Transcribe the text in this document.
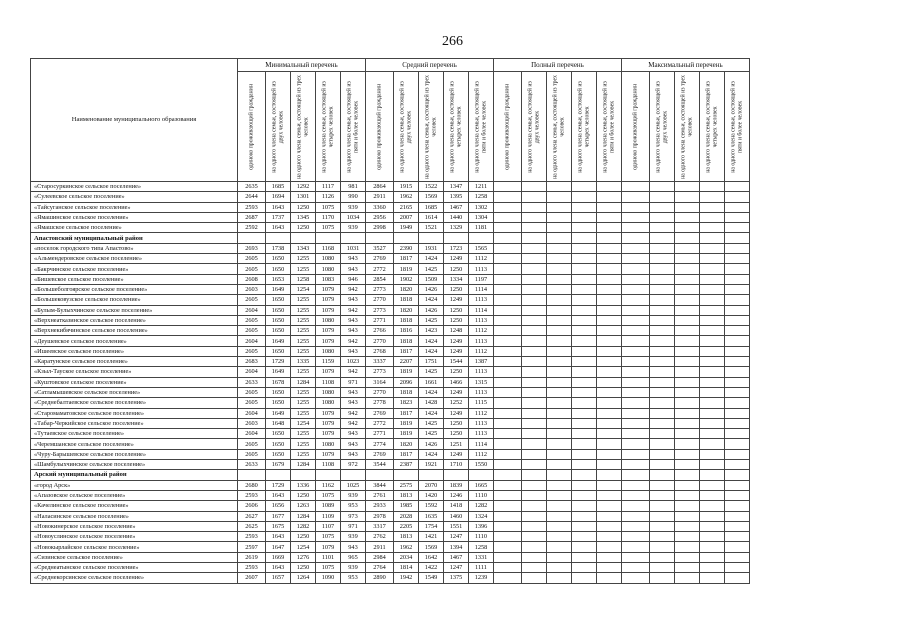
266
Наименование муниципального образования	Минимальный перечень					Средний перечень					Полный перечень					Максимальный перечень				

	одиноко проживающий гражданин	на одного члена семьи, состоящей из двух человек	на одного члена семьи, состоящей из трех человек	на одного члена семьи, состоящей из четырех человек	на одного члена семьи, состоящей из пяти и более человек	одиноко проживающий гражданин	на одного члена семьи, состоящей из двух человек	на одного члена семьи, состоящей из трех человек	на одного члена семьи, состоящей из четырех человек	на одного члена семьи, состоящей из пяти и более человек	одиноко проживающий гражданин	на одного члена семьи, состоящей из двух человек	на одного члена семьи, состоящей из трех человек	на одного члена семьи, состоящей из четырех человек	на одного члена семьи, состоящей из пяти и более человек	одиноко проживающий гражданин	на одного члена семьи, состоящей из двух человек	на одного члена семьи, состоящей из трех человек	на одного члена семьи, состоящей из четырех человек	на одного члена семьи, состоящей из пяти и более человек

«Старосуркинское сельское поселение»	2635	1685	1292	1117	981	2864	1915	1522	1347	1211										
«Сулеевское сельское поселение»	2644	1694	1301	1126	990	2911	1962	1569	1395	1258										
«Тайсуганское сельское поселение»	2593	1643	1250	1075	939	3360	2165	1685	1467	1302										
«Ямашинское сельское поселение»	2687	1737	1345	1170	1034	2956	2007	1614	1440	1304										
«Ямашское сельское поселение»	2592	1643	1250	1075	939	2998	1949	1521	1329	1181										
Апастовский муниципальный район																				
«поселок городского типа Апастово»	2693	1738	1343	1168	1031	3527	2390	1931	1723	1565										
«Альмендеровское сельское поселение»	2605	1650	1255	1080	943	2769	1817	1424	1249	1112										
«Бакрчинское сельское поселение»	2605	1650	1255	1080	943	2772	1819	1425	1250	1113										
«Бишевское сельское поселение»	2608	1653	1258	1083	946	2854	1902	1509	1334	1197										
«Большеболгоярское сельское поселение»	2603	1649	1254	1079	942	2773	1820	1426	1250	1114										
«Большековузское сельское поселение»	2605	1650	1255	1079	943	2770	1818	1424	1249	1113										
«Булым-Булыхчинское сельское поселение»	2604	1650	1255	1079	942	2773	1820	1426	1250	1114										
«Верхнеатказинское сельское поселение»	2605	1650	1255	1080	943	2771	1818	1425	1250	1113										
«Верхнекибячинское сельское поселение»	2605	1650	1255	1079	943	2766	1816	1423	1248	1112										
«Деушевское сельское поселение»	2604	1649	1255	1079	942	2770	1818	1424	1249	1113										
«Ишеевское сельское поселение»	2605	1650	1255	1080	943	2768	1817	1424	1249	1112										
«Каратунское сельское поселение»	2683	1729	1335	1159	1023	3337	2207	1751	1544	1387										
«Кзыл-Тауское сельское поселение»	2604	1649	1255	1079	942	2773	1819	1425	1250	1113										
«Куштовское сельское поселение»	2633	1678	1284	1108	971	3164	2096	1661	1466	1315										
«Сатламышевское сельское поселение»	2605	1650	1255	1080	943	2770	1818	1424	1249	1113										
«Среднебалтаевское сельское поселение»	2605	1650	1255	1080	943	2778	1823	1428	1252	1115										
«Старомаматовское сельское поселение»	2604	1649	1255	1079	942	2769	1817	1424	1249	1112										
«Табар-Черкийское сельское поселение»	2603	1648	1254	1079	942	2772	1819	1425	1250	1113										
«Тутаевское сельское поселение»	2604	1650	1255	1079	943	2771	1819	1425	1250	1113										
«Черемшанское сельское поселение»	2605	1650	1255	1080	943	2774	1820	1426	1251	1114										
«Чуру-Барышевское сельское поселение»	2605	1650	1255	1079	943	2769	1817	1424	1249	1112										
«Шамбулыхчинское сельское поселение»	2633	1679	1284	1108	972	3544	2387	1921	1710	1550										
Арский муниципальный район																				
«город Арск»	2680	1729	1336	1162	1025	3844	2575	2070	1839	1665										
«Апазовское сельское поселение»	2593	1643	1250	1075	939	2761	1813	1420	1246	1110										
«Качелинское сельское поселение»	2606	1656	1263	1089	953	2933	1985	1592	1418	1282										
«Наласинское сельское поселение»	2627	1677	1284	1109	973	2978	2028	1635	1460	1324										
«Новокинерское сельское поселение»	2625	1675	1282	1107	971	3317	2205	1754	1551	1396										
«Новоуслинское сельское поселение»	2593	1643	1250	1075	939	2762	1813	1421	1247	1110										
«Новокырлайское сельское поселение»	2597	1647	1254	1079	943	2911	1962	1569	1394	1258										
«Сизинское сельское поселение»	2619	1669	1276	1101	965	2984	2034	1642	1467	1331										
«Среднеатынское сельское поселение»	2593	1643	1250	1075	939	2764	1814	1422	1247	1111										
«Среднекорсинское сельское поселение»	2607	1657	1264	1090	953	2890	1942	1549	1375	1239										
